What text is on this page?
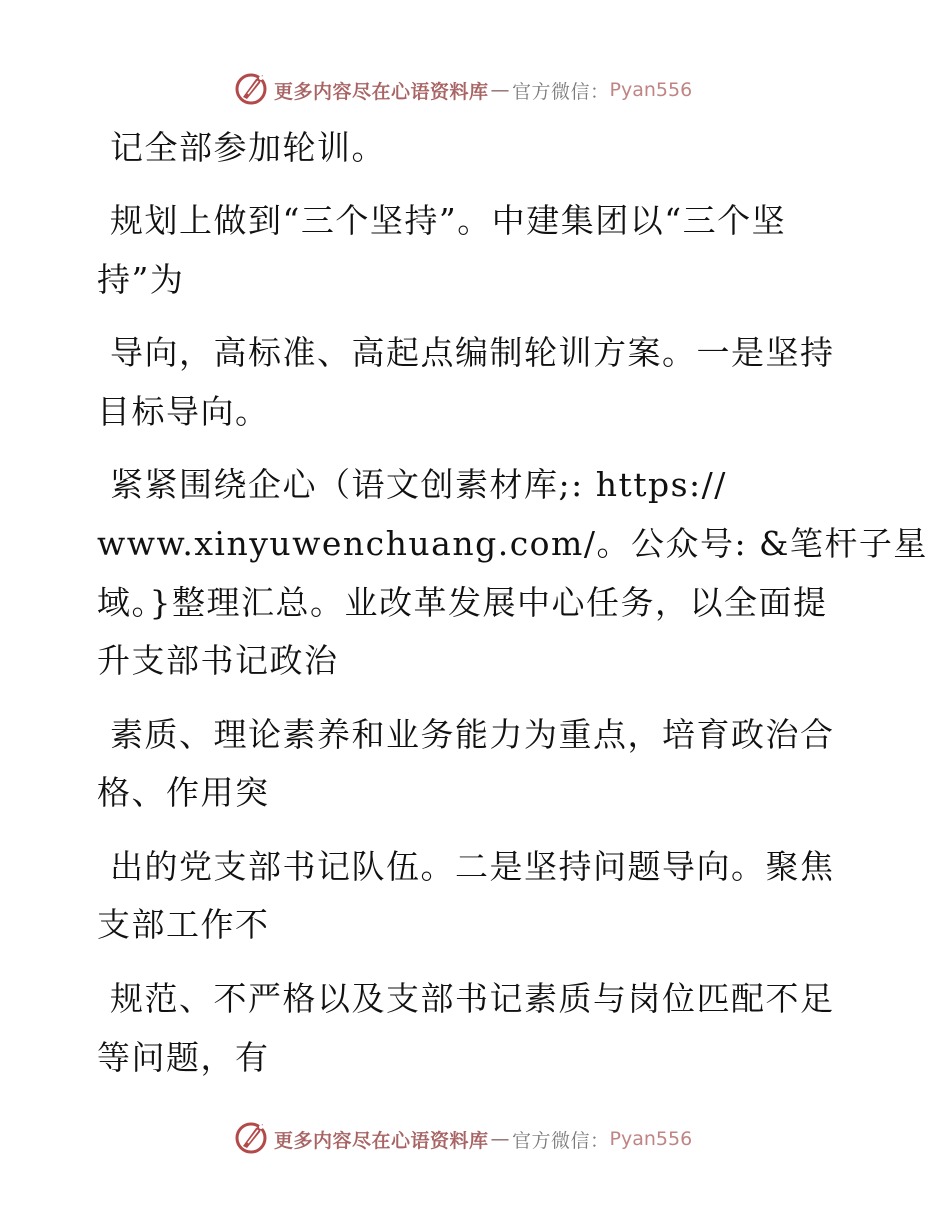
更多内容尽在心语资料库 — 官方微信： Pyan556
记全部参加轮训。
规划上做到“三个坚持”。中建集团以“三个坚
持”为
导向，高标准、高起点编制轮训方案。一是坚持
目标导向。
紧紧围绕企心（语文创素材库;: https://
www.xinyuwenchuang.com/。公众号: &笔杆子星
域。}整理汇总。业改革发展中心任务，以全面提
升支部书记政治
素质、理论素养和业务能力为重点，培育政治合
格、作用突
出的党支部书记队伍。二是坚持问题导向。聚焦
支部工作不
规范、不严格以及支部书记素质与岗位匹配不足
等问题，有
更多内容尽在心语资料库 — 官方微信： Pyan556
